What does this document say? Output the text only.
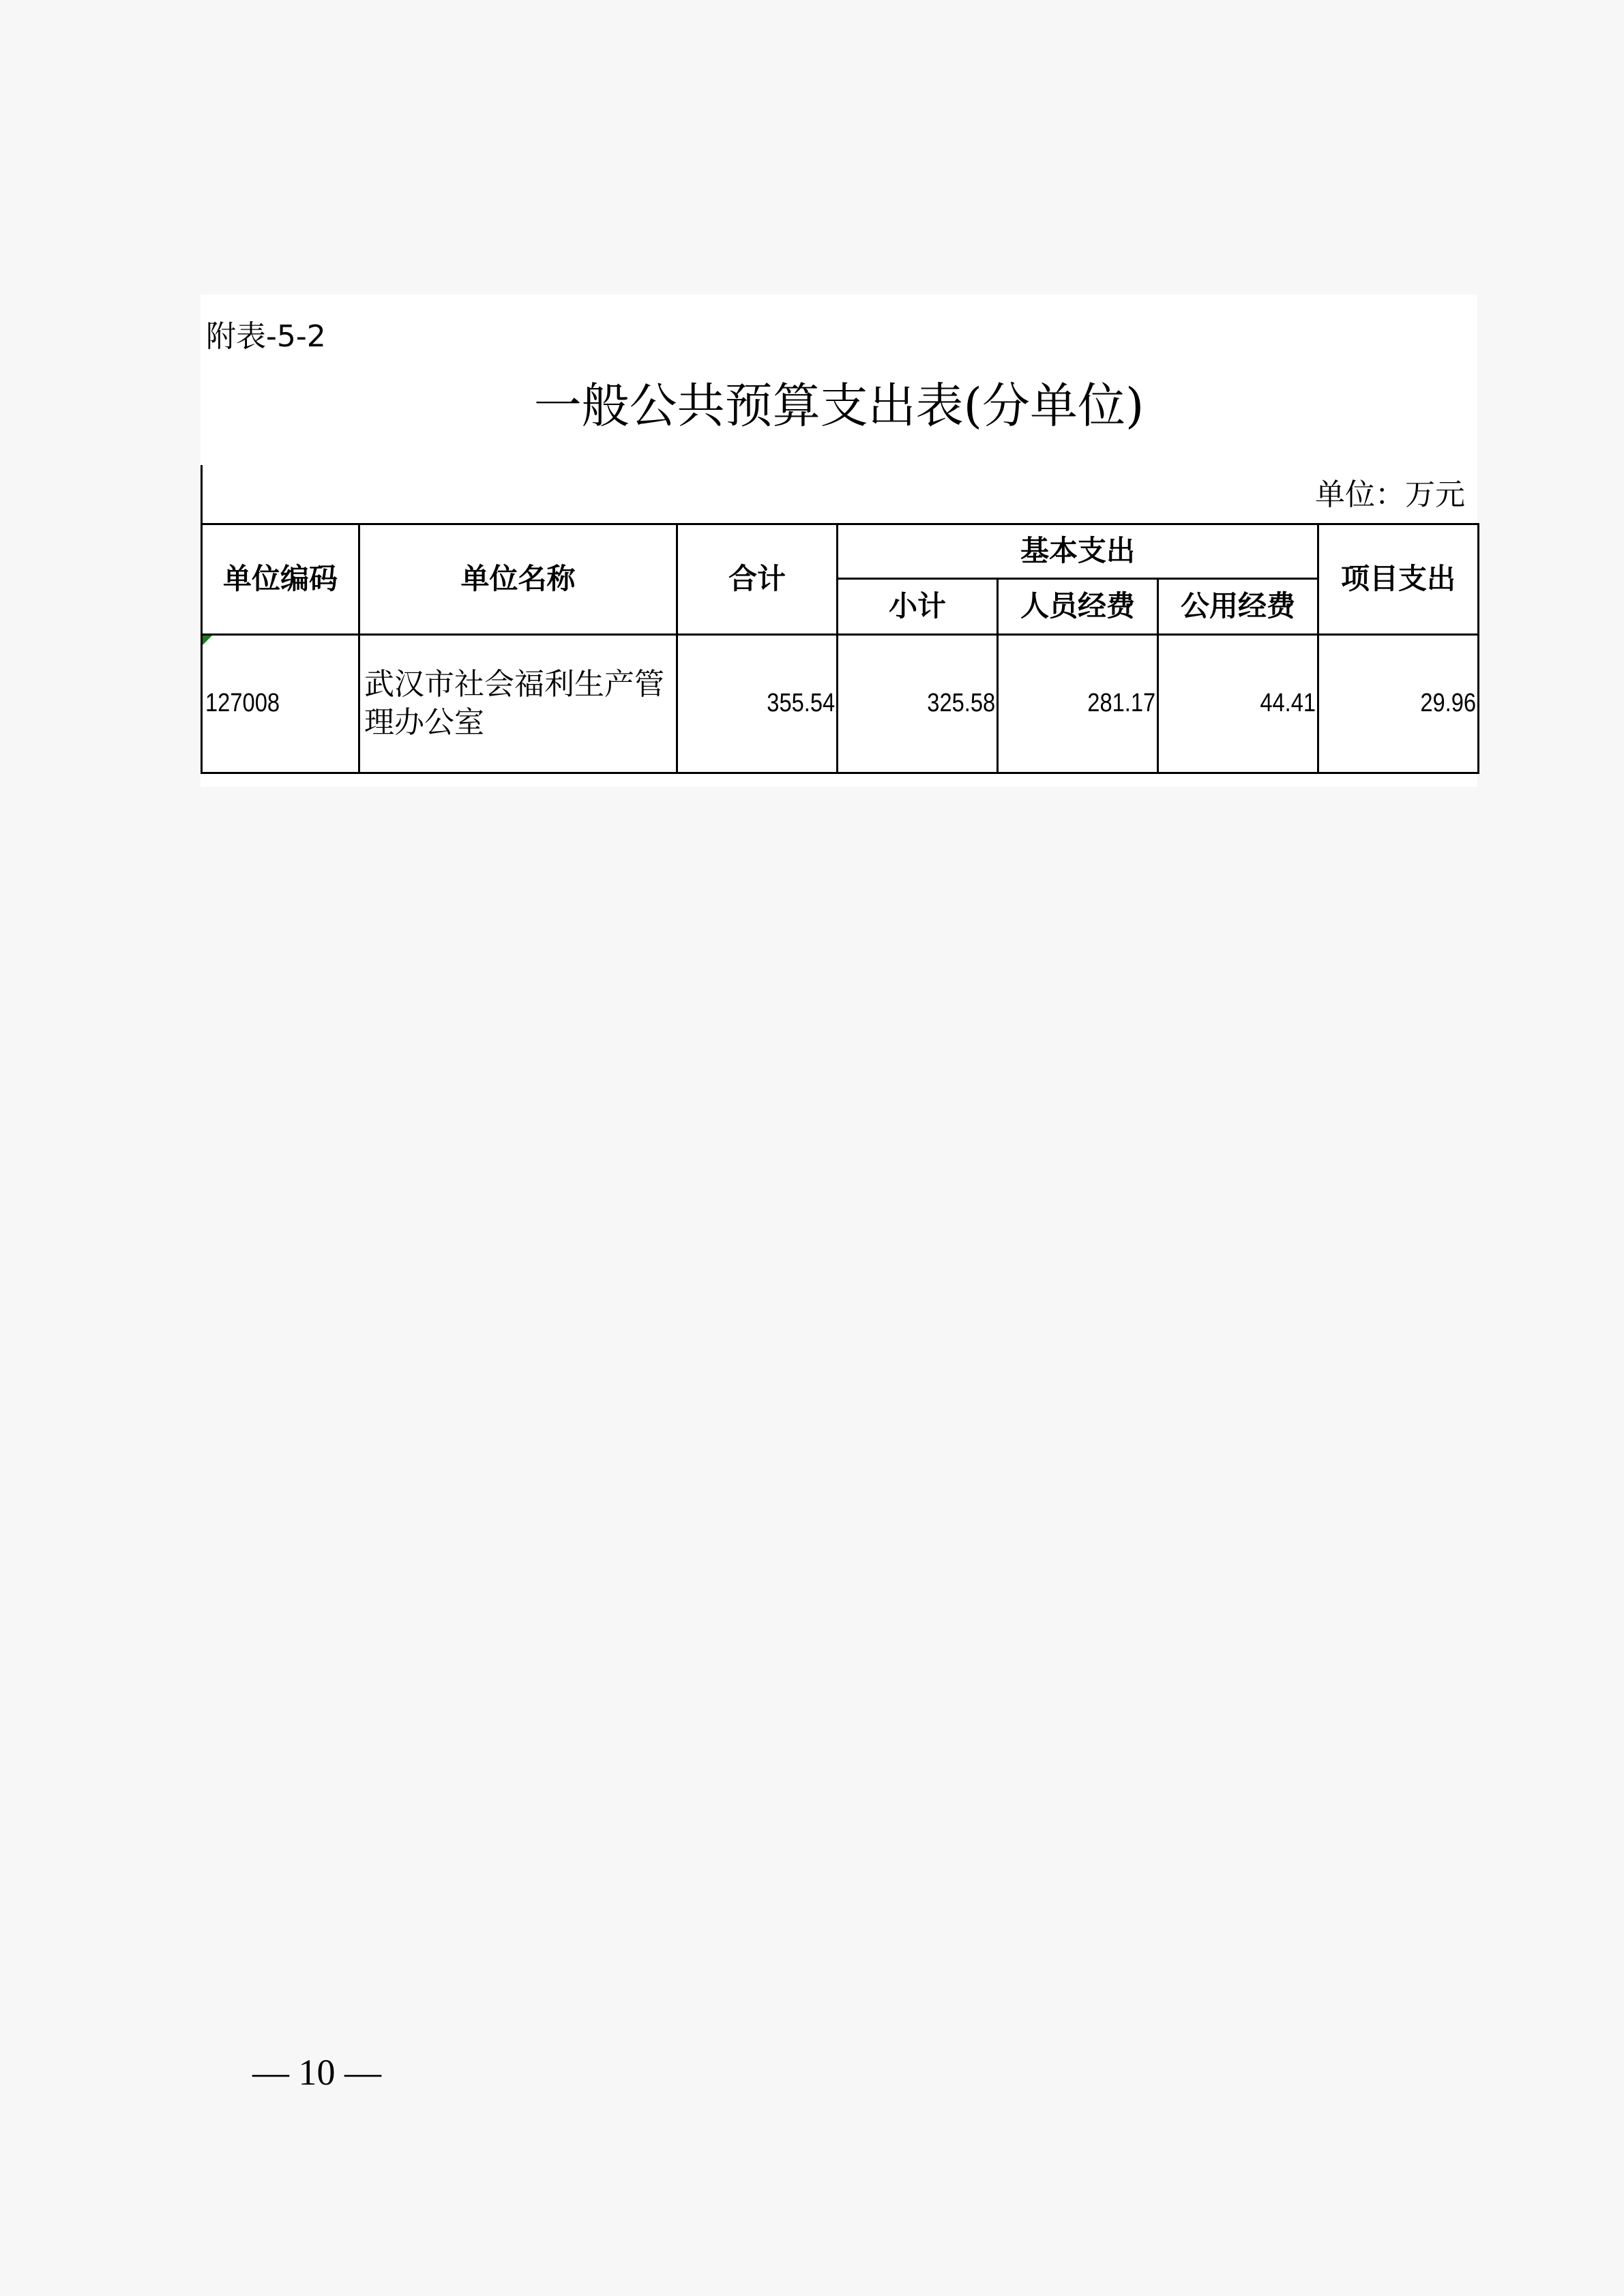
附表-5-2
一般公共预算支出表(分单位)
单位：万元
单位编码	单位名称	合计	基本支出			项目支出
			小计	人员经费	公用经费	

127008	武汉市社会福利生产管理办公室	355.54	325.58	281.17	44.41	29.96
— 10 —
